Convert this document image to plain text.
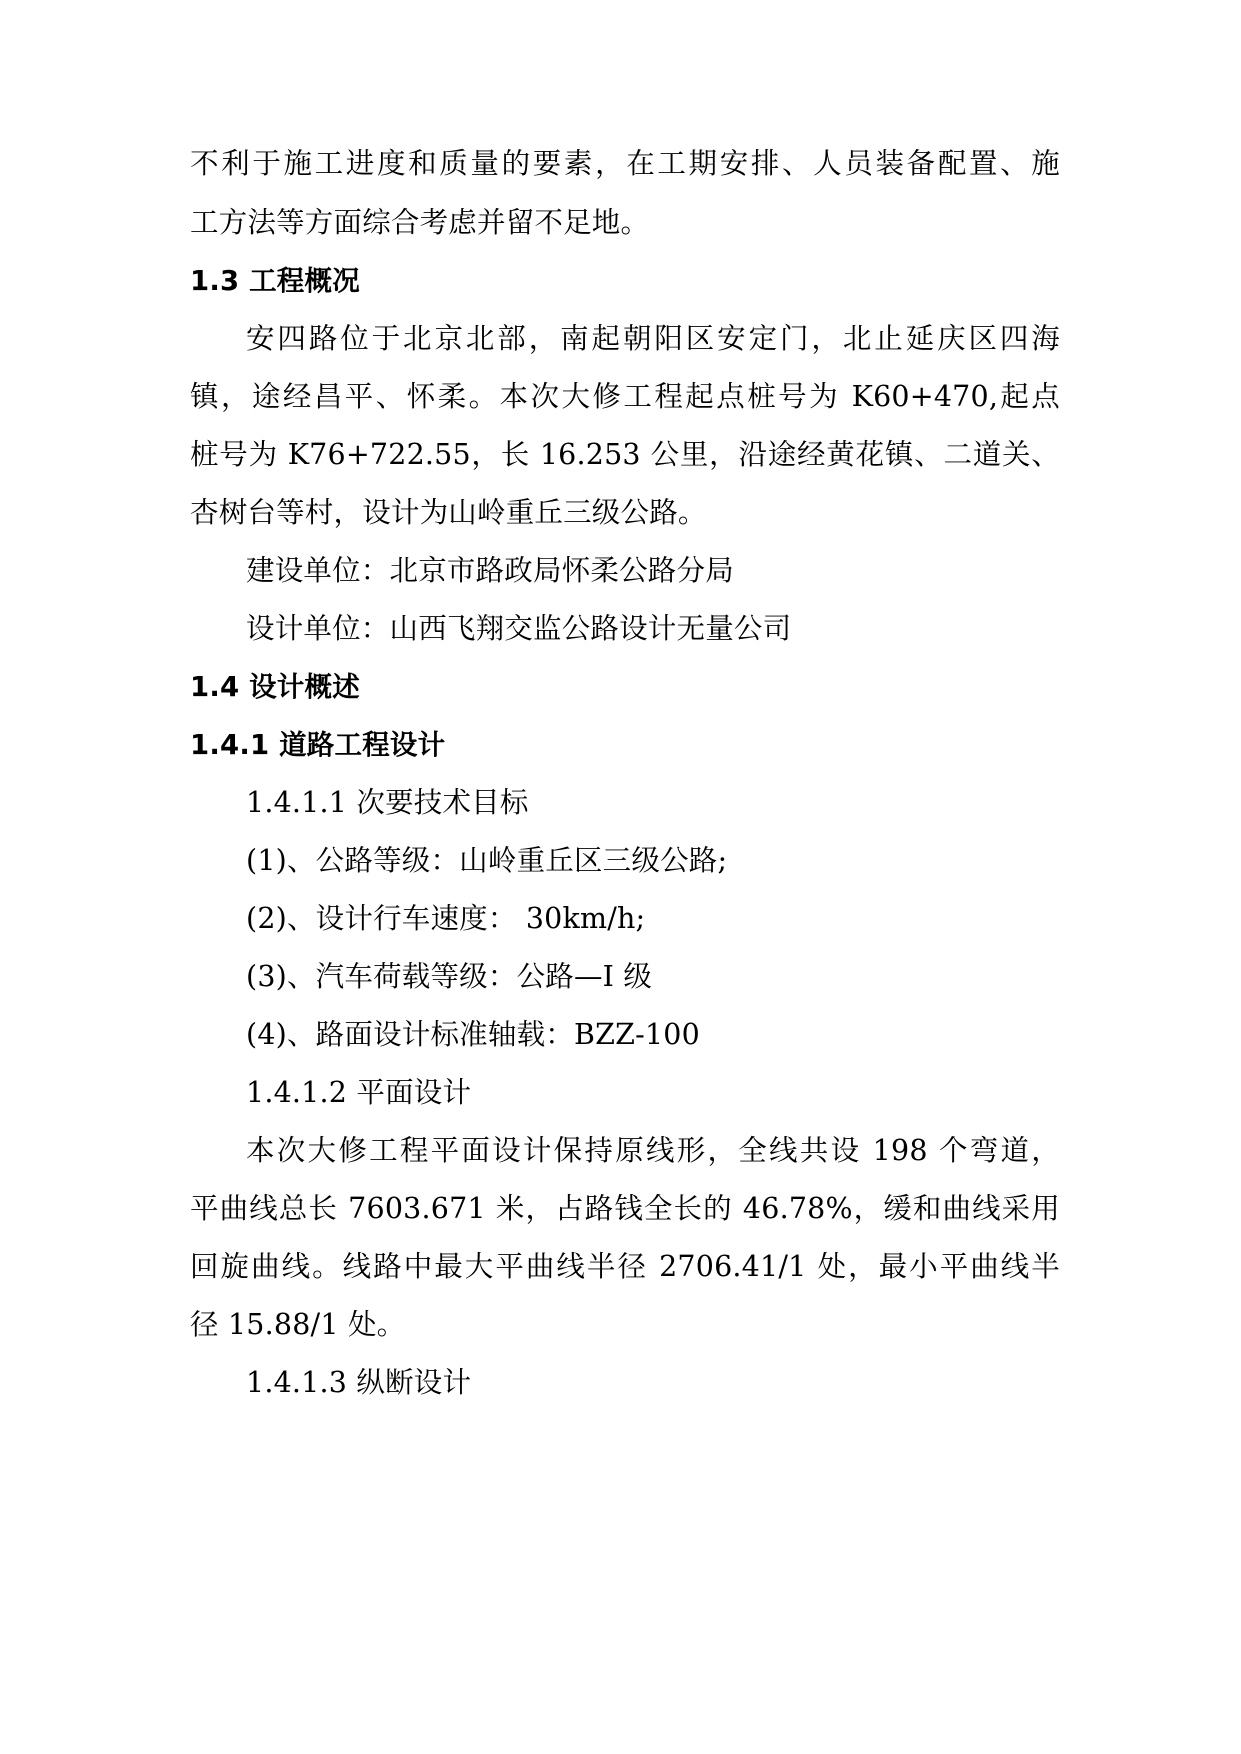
不利于施工进度和质量的要素，在工期安排、人员装备配置、施
工方法等方面综合考虑并留不足地。
1.3 工程概况
安四路位于北京北部，南起朝阳区安定门，北止延庆区四海
镇，途经昌平、怀柔。本次大修工程起点桩号为 K60+470,起点
桩号为 K76+722.55，长 16.253 公里，沿途经黄花镇、二道关、
杏树台等村，设计为山岭重丘三级公路。
建设单位：北京市路政局怀柔公路分局
设计单位：山西飞翔交监公路设计无量公司
1.4 设计概述
1.4.1 道路工程设计
1.4.1.1 次要技术目标
(1)、公路等级：山岭重丘区三级公路;
(2)、设计行车速度： 30km/h;
(3)、汽车荷载等级：公路—I 级
(4)、路面设计标准轴载：BZZ-100
1.4.1.2 平面设计
本次大修工程平面设计保持原线形，全线共设 198 个弯道，
平曲线总长 7603.671 米，占路钱全长的 46.78%，缓和曲线采用
回旋曲线。线路中最大平曲线半径 2706.41/1 处，最小平曲线半
径 15.88/1 处。
1.4.1.3 纵断设计
